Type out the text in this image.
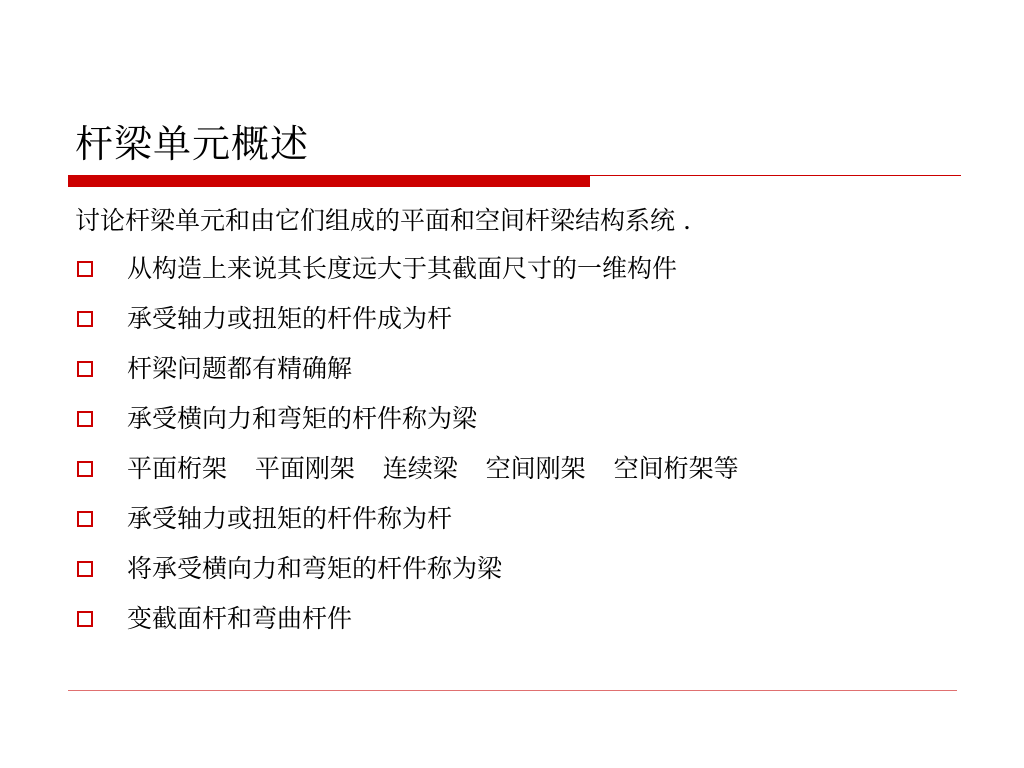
杆梁单元概述
讨论杆梁单元和由它们组成的平面和空间杆梁结构系统 .
从构造上来说其长度远大于其截面尺寸的一维构件
承受轴力或扭矩的杆件成为杆
杆梁问题都有精确解
承受横向力和弯矩的杆件称为梁
平面桁架  平面刚架  连续梁  空间刚架  空间桁架等
承受轴力或扭矩的杆件称为杆
将承受横向力和弯矩的杆件称为梁
变截面杆和弯曲杆件
